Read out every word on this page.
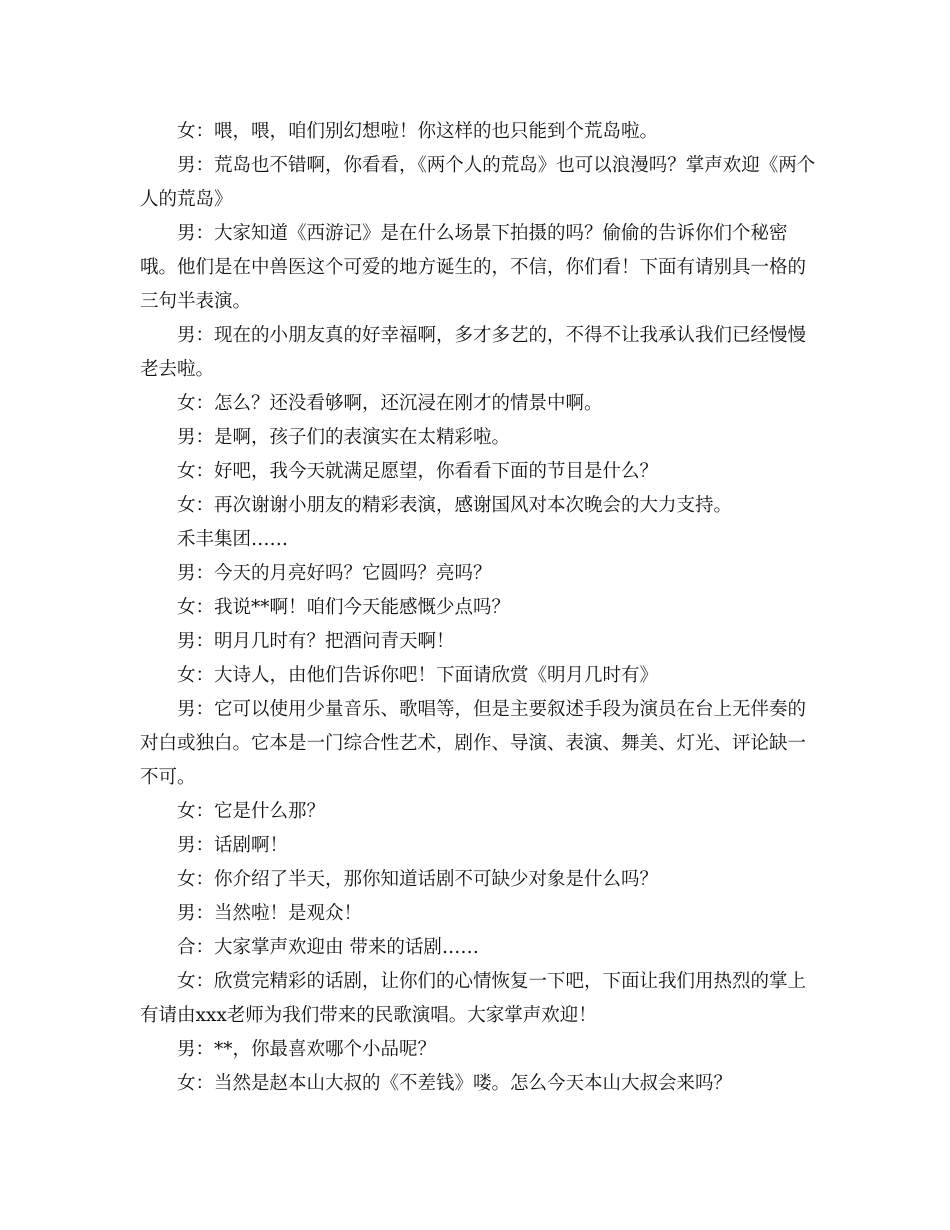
女：喂，喂，咱们别幻想啦！你这样的也只能到个荒岛啦。

男：荒岛也不错啊，你看看，《两个人的荒岛》也可以浪漫吗？掌声欢迎《两个人的荒岛》

男：大家知道《西游记》是在什么场景下拍摄的吗？偷偷的告诉你们个秘密哦。他们是在中兽医这个可爱的地方诞生的，不信，你们看！下面有请别具一格的三句半表演。

男：现在的小朋友真的好幸福啊，多才多艺的，不得不让我承认我们已经慢慢老去啦。

女：怎么？还没看够啊，还沉浸在刚才的情景中啊。

男：是啊，孩子们的表演实在太精彩啦。

女：好吧，我今天就满足愿望，你看看下面的节目是什么？

女：再次谢谢小朋友的精彩表演，感谢国风对本次晚会的大力支持。

禾丰集团……

男：今天的月亮好吗？它圆吗？亮吗？

女：我说**啊！咱们今天能感慨少点吗？

男：明月几时有？把酒问青天啊！

女：大诗人，由他们告诉你吧！下面请欣赏《明月几时有》

男：它可以使用少量音乐、歌唱等，但是主要叙述手段为演员在台上无伴奏的对白或独白。它本是一门综合性艺术，剧作、导演、表演、舞美、灯光、评论缺一不可。

女：它是什么那？

男：话剧啊！

女：你介绍了半天，那你知道话剧不可缺少对象是什么吗？

男：当然啦！是观众！

合：大家掌声欢迎由 带来的话剧……

女：欣赏完精彩的话剧，让你们的心情恢复一下吧，下面让我们用热烈的掌上有请由xxx老师为我们带来的民歌演唱。大家掌声欢迎！

男：**，你最喜欢哪个小品呢？

女：当然是赵本山大叔的《不差钱》喽。怎么今天本山大叔会来吗？
